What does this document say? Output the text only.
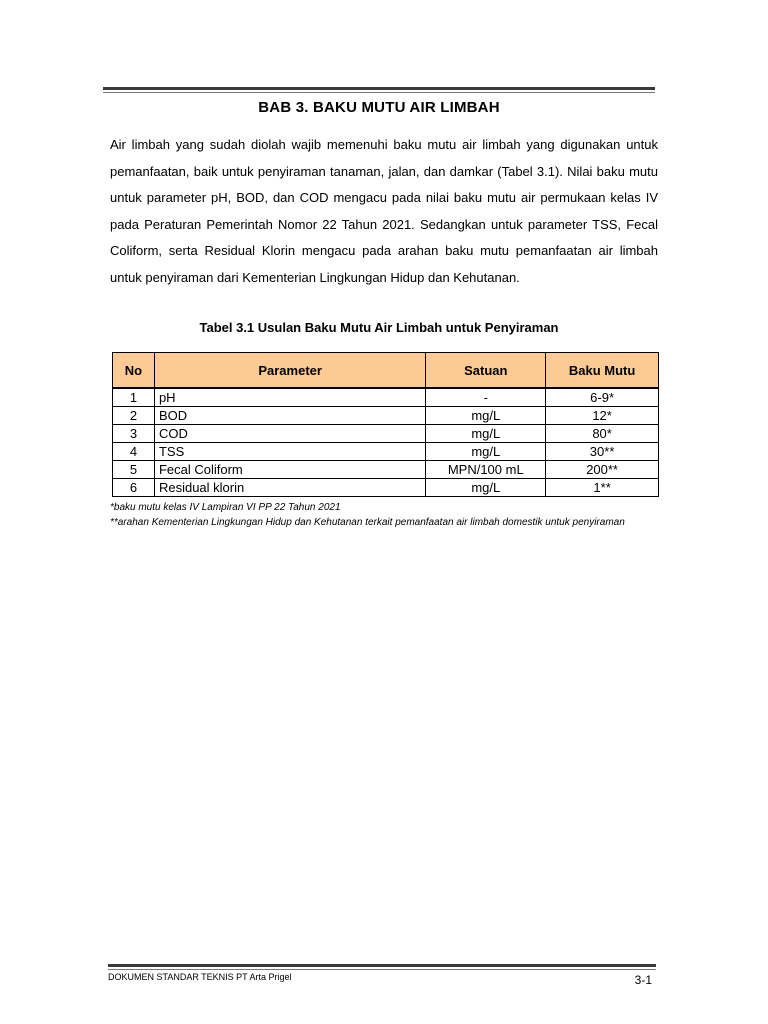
BAB 3. BAKU MUTU AIR LIMBAH

Air limbah yang sudah diolah wajib memenuhi baku mutu air limbah yang digunakan untuk pemanfaatan, baik untuk penyiraman tanaman, jalan, dan damkar (Tabel 3.1). Nilai baku mutu untuk parameter pH, BOD, dan COD mengacu pada nilai baku mutu air permukaan kelas IV pada Peraturan Pemerintah Nomor 22 Tahun 2021. Sedangkan untuk parameter TSS, Fecal Coliform, serta Residual Klorin mengacu pada arahan baku mutu pemanfaatan air limbah untuk penyiraman dari Kementerian Lingkungan Hidup dan Kehutanan.

Tabel 3.1 Usulan Baku Mutu Air Limbah untuk Penyiraman
No	Parameter	Satuan	Baku Mutu
1	pH	-	6-9*
2	BOD	mg/L	12*
3	COD	mg/L	80*
4	TSS	mg/L	30**
5	Fecal Coliform	MPN/100 mL	200**
6	Residual klorin	mg/L	1**

*baku mutu kelas IV Lampiran VI PP 22 Tahun 2021

**arahan Kementerian Lingkungan Hidup dan Kehutanan terkait pemanfaatan air limbah domestik untuk penyiraman

DOKUMEN STANDAR TEKNIS PT Arta Prigel	3-1
